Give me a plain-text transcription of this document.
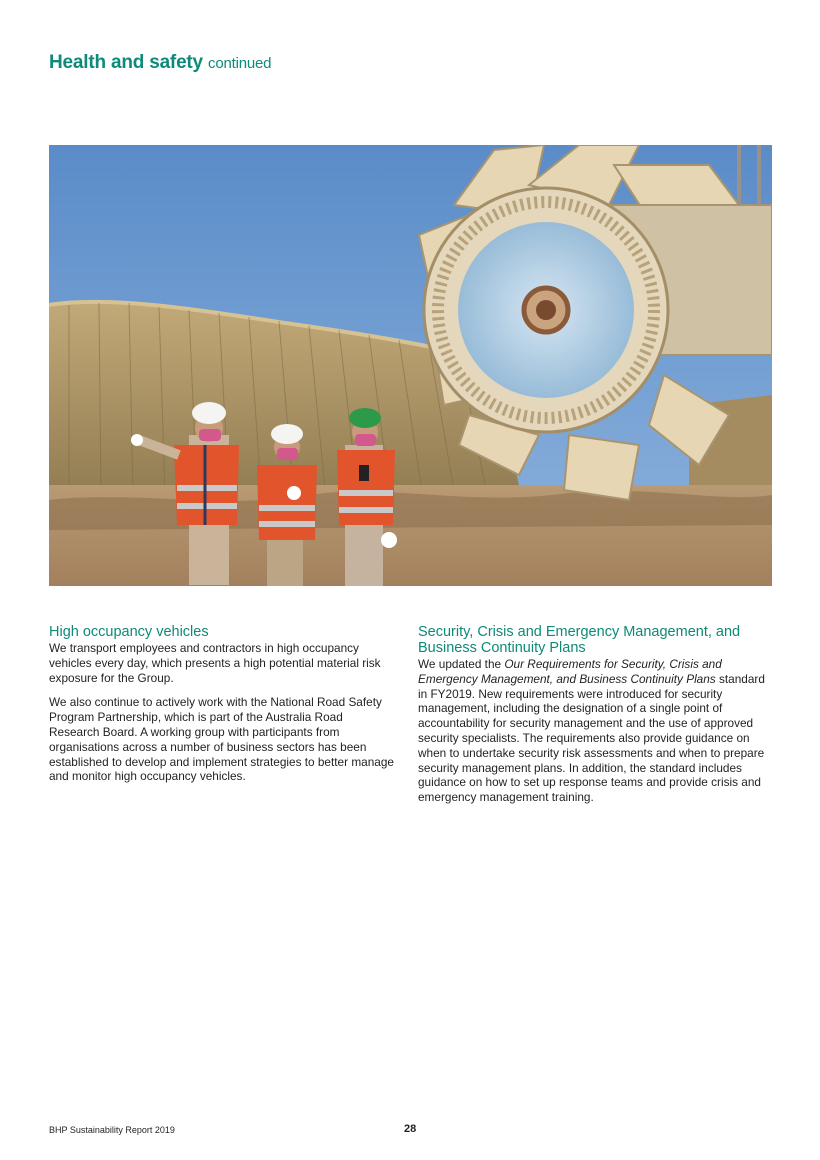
Health and safety continued
High occupancy vehicles

We transport employees and contractors in high occupancy vehicles every day, which presents a high potential material risk exposure for the Group.

We also continue to actively work with the National Road Safety Program Partnership, which is part of the Australia Road Research Board. A working group with participants from organisations across a number of business sectors has been established to develop and implement strategies to better manage and monitor high occupancy vehicles.

Security, Crisis and Emergency Management, and Business Continuity Plans

We updated the Our Requirements for Security, Crisis and Emergency Management, and Business Continuity Plans standard in FY2019. New requirements were introduced for security management, including the designation of a single point of accountability for security management and the use of approved security specialists. The requirements also provide guidance on when to undertake security risk assessments and when to prepare security management plans. In addition, the standard includes guidance on how to set up response teams and provide crisis and emergency management training.

BHP Sustainability Report 2019	28
